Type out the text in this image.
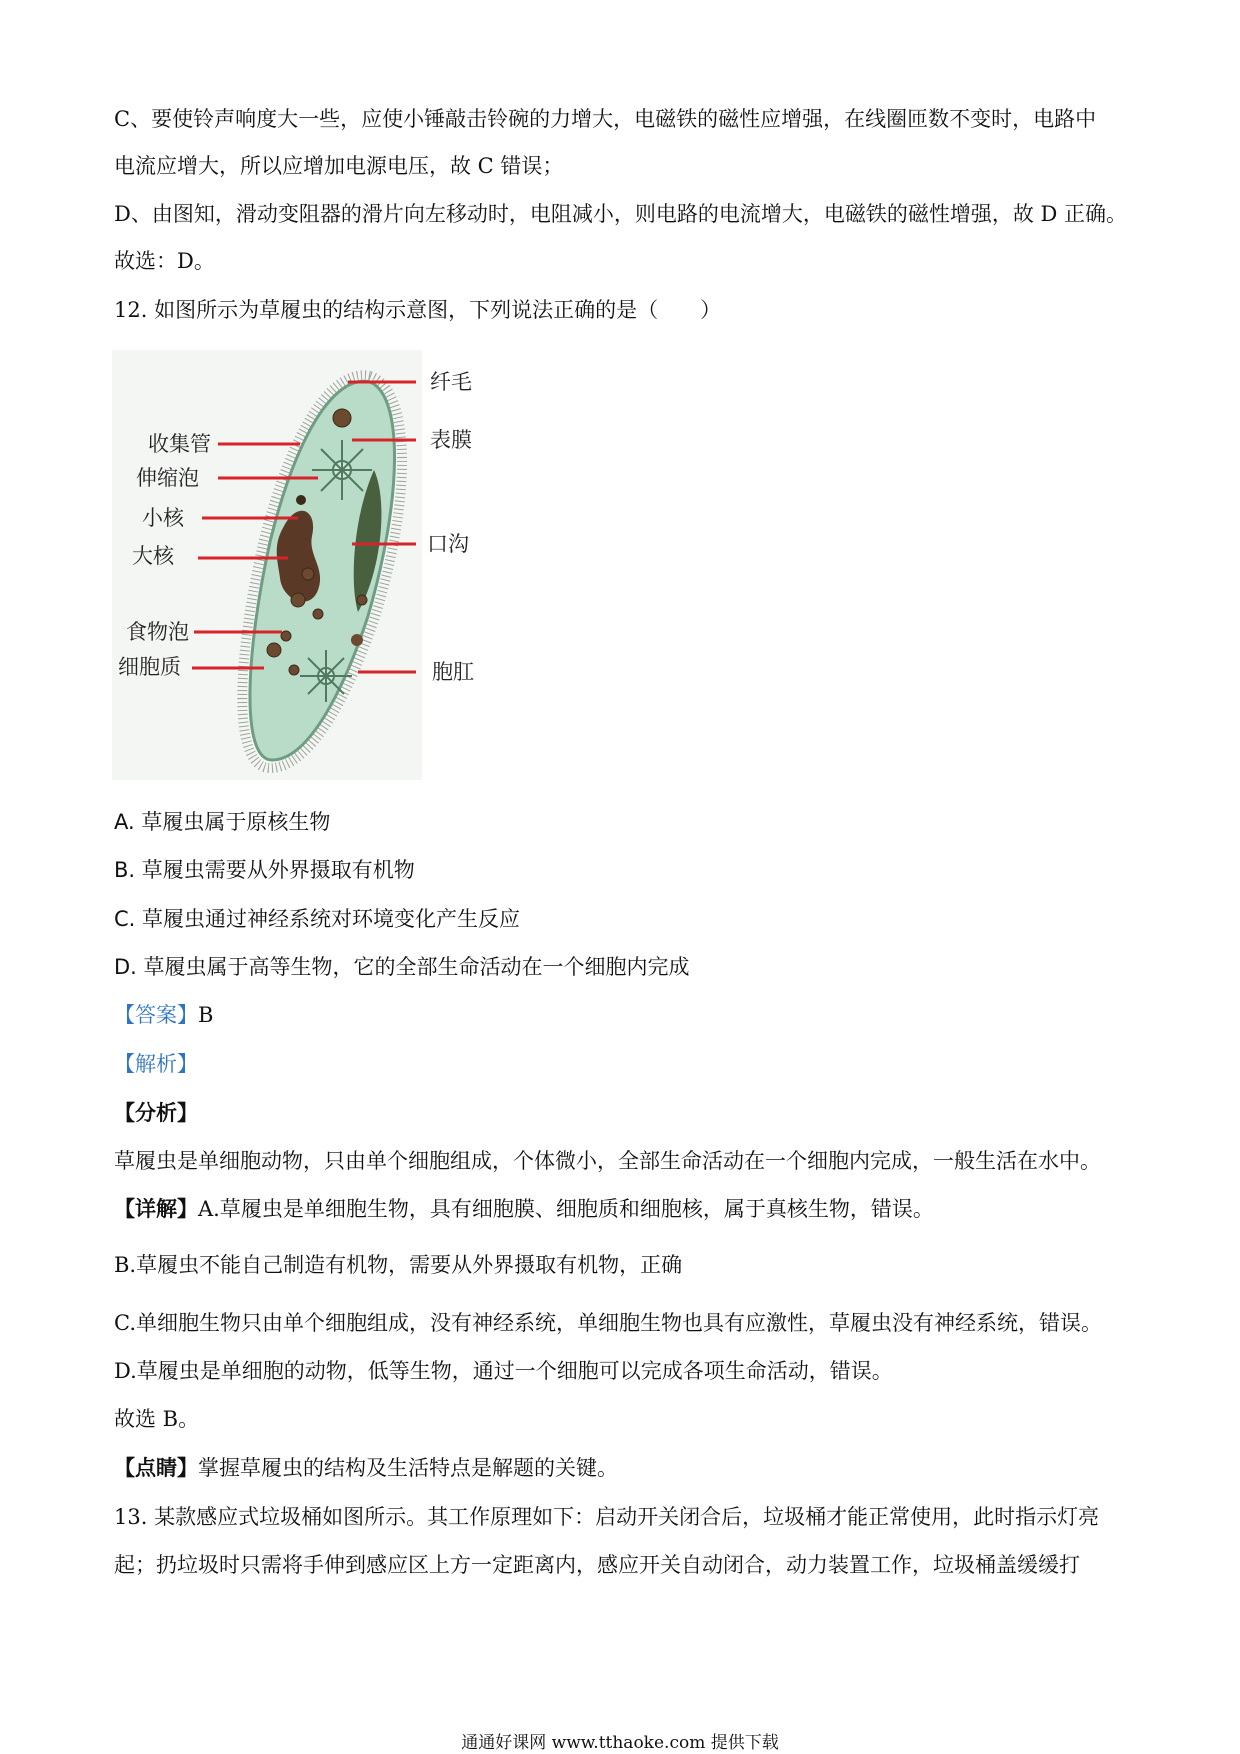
C、要使铃声响度大一些，应使小锤敲击铃碗的力增大，电磁铁的磁性应增强，在线圈匝数不变时，电路中
电流应增大，所以应增加电源电压，故 C 错误；
D、由图知，滑动变阻器的滑片向左移动时，电阻减小，则电路的电流增大，电磁铁的磁性增强，故 D 正确。
故选：D。
12. 如图所示为草履虫的结构示意图，下列说法正确的是（　　）
纤毛
表膜
收集管
伸缩泡
小核
大核	口沟
食物泡
细胞质	胞肛
A. 草履虫属于原核生物
B. 草履虫需要从外界摄取有机物
C. 草履虫通过神经系统对环境变化产生反应
D. 草履虫属于高等生物，它的全部生命活动在一个细胞内完成
【答案】B
【解析】
【分析】
草履虫是单细胞动物，只由单个细胞组成，个体微小，全部生命活动在一个细胞内完成，一般生活在水中。
【详解】A.草履虫是单细胞生物，具有细胞膜、细胞质和细胞核，属于真核生物，错误。
B.草履虫不能自己制造有机物，需要从外界摄取有机物，正确
C.单细胞生物只由单个细胞组成，没有神经系统，单细胞生物也具有应激性，草履虫没有神经系统，错误。
D.草履虫是单细胞的动物，低等生物，通过一个细胞可以完成各项生命活动，错误。
故选 B。
【点睛】掌握草履虫的结构及生活特点是解题的关键。
13. 某款感应式垃圾桶如图所示。其工作原理如下：启动开关闭合后，垃圾桶才能正常使用，此时指示灯亮
起；扔垃圾时只需将手伸到感应区上方一定距离内，感应开关自动闭合，动力装置工作，垃圾桶盖缓缓打
通通好课网 www.tthaoke.com 提供下载
